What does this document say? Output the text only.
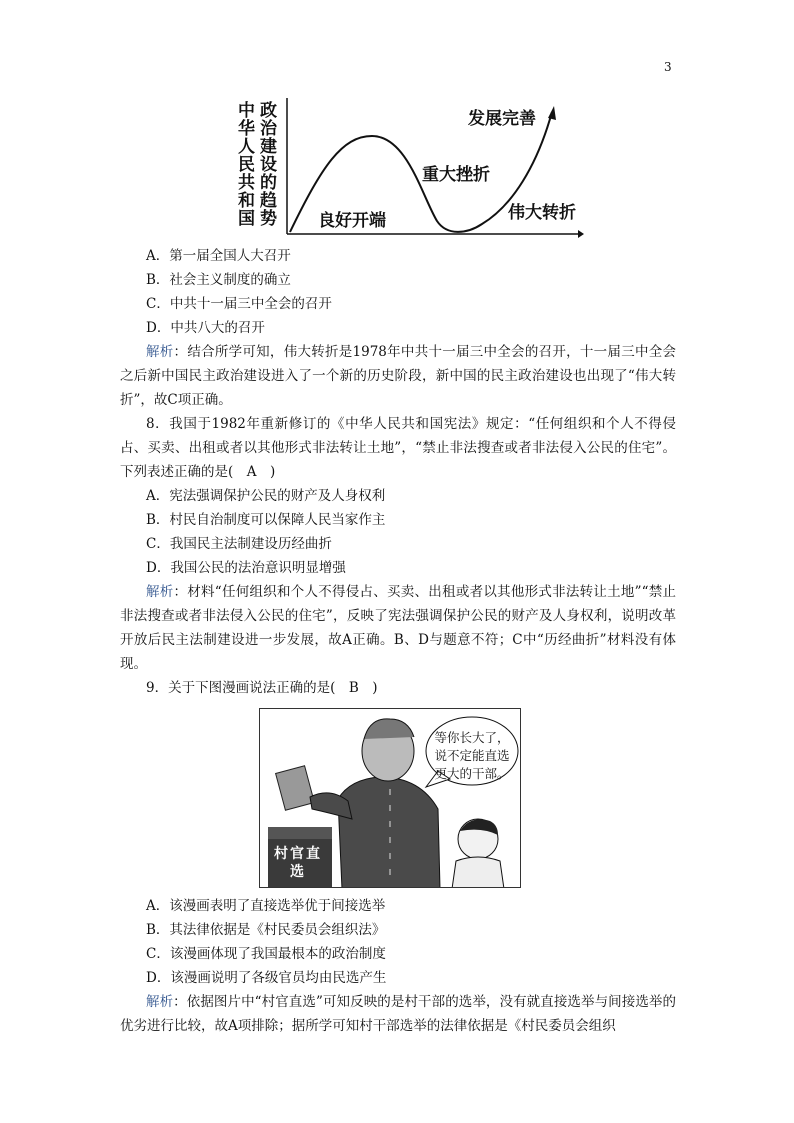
3
中华人民共和国
政治建设的趋势 良好开端
重大挫折
伟大转折
发展完善
A．第一届全国人大召开
B．社会主义制度的确立
C．中共十一届三中全会的召开
D．中共八大的召开
解析：结合所学可知，伟大转折是1978年中共十一届三中全会的召开，十一届三中全会之后新中国民主政治建设进入了一个新的历史阶段，新中国的民主政治建设也出现了“伟大转折”，故C项正确。
8．我国于1982年重新修订的《中华人民共和国宪法》规定：“任何组织和个人不得侵占、买卖、出租或者以其他形式非法转让土地”，“禁止非法搜查或者非法侵入公民的住宅”。下列表述正确的是(　A　)
A．宪法强调保护公民的财产及人身权利
B．村民自治制度可以保障人民当家作主
C．我国民主法制建设历经曲折
D．我国公民的法治意识明显增强
解析：材料“任何组织和个人不得侵占、买卖、出租或者以其他形式非法转让土地”“禁止非法搜查或者非法侵入公民的住宅”，反映了宪法强调保护公民的财产及人身权利，说明改革开放后民主法制建设进一步发展，故A正确。B、D与题意不符；C中“历经曲折”材料没有体现。
9．关于下图漫画说法正确的是(　B　)
等你长大了，说不定能直选更大的干部。
村官直选
A．该漫画表明了直接选举优于间接选举
B．其法律依据是《村民委员会组织法》
C．该漫画体现了我国最根本的政治制度
D．该漫画说明了各级官员均由民选产生
解析：依据图片中“村官直选”可知反映的是村干部的选举，没有就直接选举与间接选举的优劣进行比较，故A项排除；据所学可知村干部选举的法律依据是《村民委员会组织
